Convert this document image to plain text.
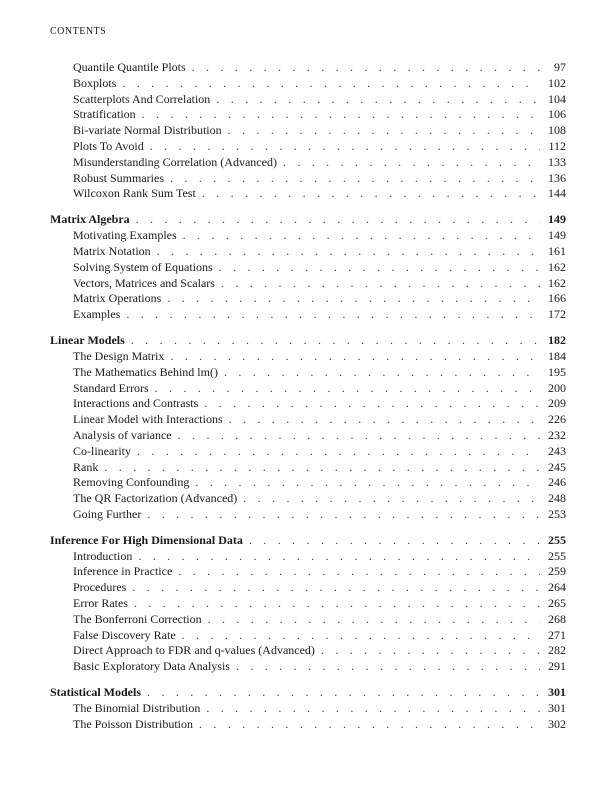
CONTENTS
Quantile Quantile Plots . . .	97
Boxplots . . .	102
Scatterplots And Correlation . . .	104
Stratification . . .	106
Bi-variate Normal Distribution . . .	108
Plots To Avoid . . .	112
Misunderstanding Correlation (Advanced) . . .	133
Robust Summaries . . .	136
Wilcoxon Rank Sum Test . . .	144
Matrix Algebra . . .	149
Motivating Examples . . .	149
Matrix Notation . . .	161
Solving System of Equations . . .	162
Vectors, Matrices and Scalars . . .	162
Matrix Operations . . .	166
Examples . . .	172
Linear Models . . .	182
The Design Matrix . . .	184
The Mathematics Behind lm() . . .	195
Standard Errors . . .	200
Interactions and Contrasts . . .	209
Linear Model with Interactions . . .	226
Analysis of variance . . .	232
Co-linearity . . .	243
Rank . . .	245
Removing Confounding . . .	246
The QR Factorization (Advanced) . . .	248
Going Further . . .	253
Inference For High Dimensional Data . . .	255
Introduction . . .	255
Inference in Practice . . .	259
Procedures . . .	264
Error Rates . . .	265
The Bonferroni Correction . . .	268
False Discovery Rate . . .	271
Direct Approach to FDR and q-values (Advanced) . . .	282
Basic Exploratory Data Analysis . . .	291
Statistical Models . . .	301
The Binomial Distribution . . .	301
The Poisson Distribution . . .	302
